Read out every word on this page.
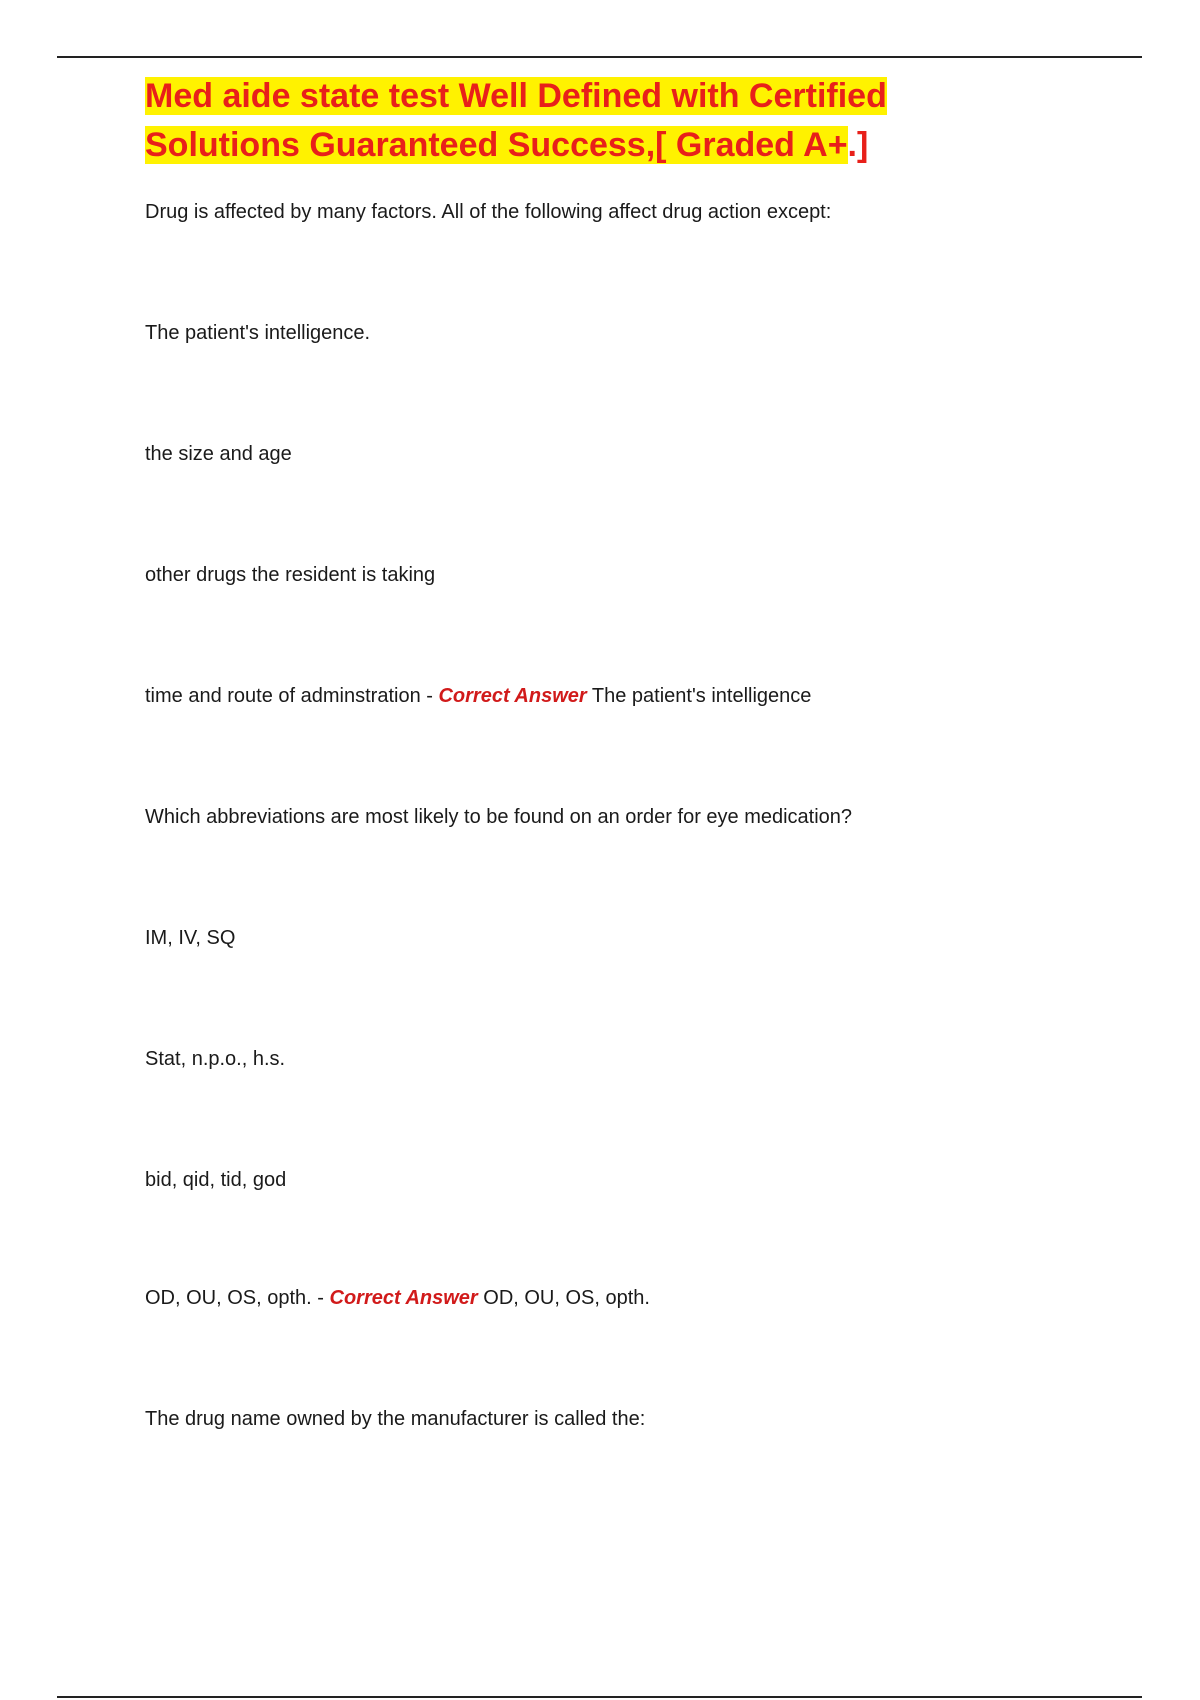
Med aide state test Well Defined with Certified
Solutions Guaranteed Success,[ Graded A+.]
Drug is affected by many factors. All of the following affect drug action except:
The patient's intelligence.
the size and age
other drugs the resident is taking
time and route of adminstration - Correct Answer The patient's intelligence
Which abbreviations are most likely to be found on an order for eye medication?
IM, IV, SQ
Stat, n.p.o., h.s.
bid, qid, tid, god
OD, OU, OS, opth. - Correct Answer OD, OU, OS, opth.
The drug name owned by the manufacturer is called the:
